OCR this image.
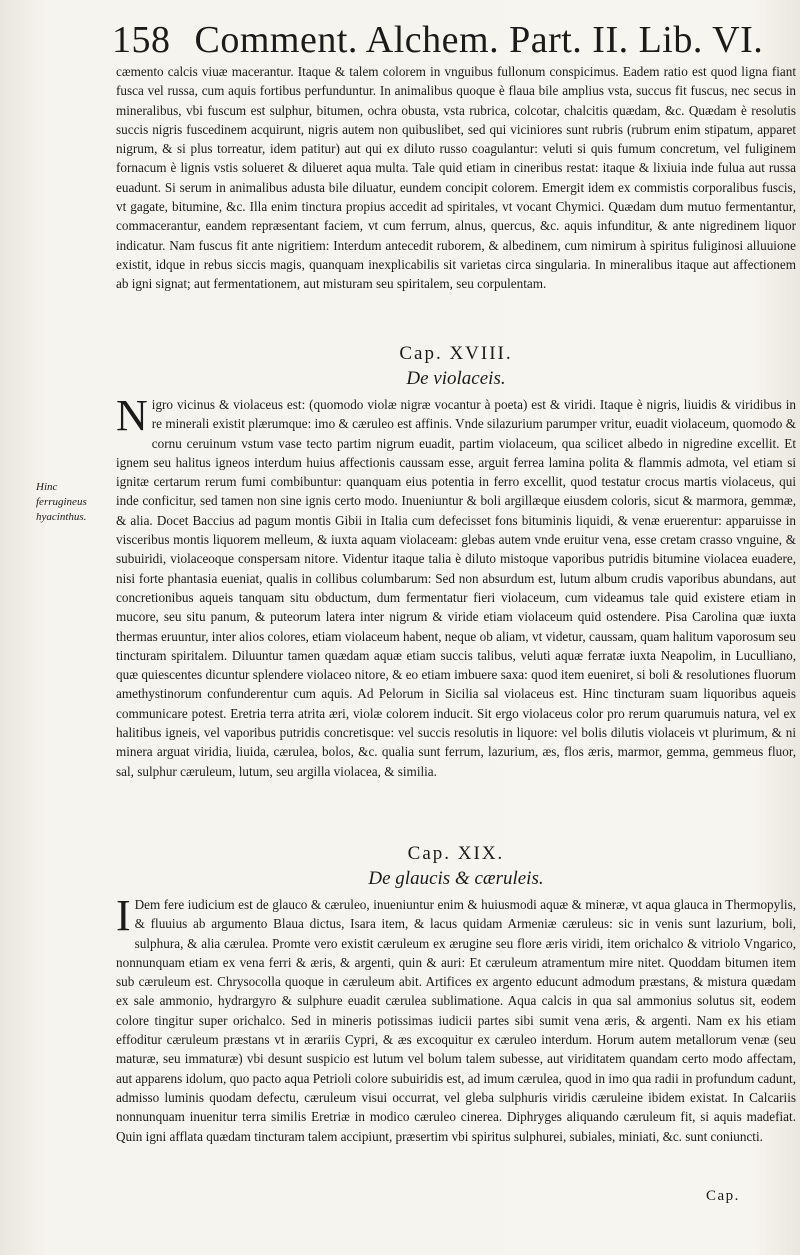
158 Comment. Alchem. Part. II. Lib. VI.

cæmento calcis viuæ macerantur. Itaque & talem colorem in vnguibus fullonum conspicimus. Eadem ratio est quod ligna fiant fusca vel russa, cum aquis fortibus perfunduntur. In animalibus quoque è flaua bile amplius vsta, succus fit fuscus, nec secus in mineralibus, vbi fuscum est sulphur, bitumen, ochra obusta, vsta rubrica, colcotar, chalcitis quædam, &c. Quædam è resolutis succis nigris fuscedinem acquirunt, nigris autem non quibuslibet, sed qui viciniores sunt rubris (rubrum enim stipatum, apparet nigrum, & si plus torreatur, idem patitur) aut qui ex diluto russo coagulantur: veluti si quis fumum concretum, vel fuliginem fornacum è lignis vstis solueret & dilueret aqua multa. Tale quid etiam in cineribus restat: itaque & lixiuia inde fulua aut russa euadunt. Si serum in animalibus adusta bile diluatur, eundem concipit colorem. Emergit idem ex commistis corporalibus fuscis, vt gagate, bitumine, &c. Illa enim tinctura propius accedit ad spiritales, vt vocant Chymici. Quædam dum mutuo fermentantur, commacerantur, eandem repræsentant faciem, vt cum ferrum, alnus, quercus, &c. aquis infunditur, & ante nigredinem liquor indicatur. Nam fuscus fit ante nigritiem: Interdum antecedit ruborem, & albedinem, cum nimirum à spiritus fuliginosi alluuione existit, idque in rebus siccis magis, quanquam inexplicabilis sit varietas circa singularia. In mineralibus itaque aut affectionem ab igni signat; aut fermentationem, aut misturam seu spiritalem, seu corpulentam.

Cap. XVIII.
De violaceis.
N igro vicinus & violaceus est: (quomodo violæ nigræ vocantur à poeta) est & viridi. Itaque è nigris, liuidis & viridibus in re minerali existit plærumque: imo & cæruleo est affinis. Vnde silazurium parumper vritur, euadit violaceum, quomodo & cornu ceruinum vstum vase tecto partim nigrum euadit, partim violaceum, qua scilicet albedo in nigredine excellit. Et ignem seu halitus igneos interdum huius affectionis caussam esse, arguit ferrea lamina polita & flammis admota, vel etiam si ignitæ certarum rerum fumi combibuntur: quanquam eius potentia in ferro excellit, quod testatur crocus martis violaceus, qui inde conficitur, sed tamen non sine ignis certo modo. Inueniuntur & boli argillæque eiusdem coloris, sicut & marmora, gemmæ, & alia. Docet Baccius ad pagum montis Gibii in Italia cum defecisset fons bituminis liquidi, & venæ eruerentur: apparuisse in visceribus montis liquorem melleum, & iuxta aquam violaceam: glebas autem vnde eruitur vena, esse cretam crasso vnguine, & subuiridi, violaceoque conspersam nitore. Videntur itaque talia è diluto mistoque vaporibus putridis bitumine violacea euadere, nisi forte phantasia eueniat, qualis in collibus columbarum: Sed non absurdum est, lutum album crudis vaporibus abundans, aut concretionibus aqueis tanquam situ obductum, dum fermentatur fieri violaceum, cum videamus tale quid existere etiam in mucore, seu situ panum, & puteorum latera inter nigrum & viride etiam violaceum quid ostendere. Pisa Carolina quæ iuxta thermas eruuntur, inter alios colores, etiam violaceum habent, neque ob aliam, vt videtur, caussam, quam halitum vaporosum seu tincturam spiritalem. Diluuntur tamen quædam aquæ etiam succis talibus, veluti aquæ ferratæ iuxta Neapolim, in Luculliano, quæ quiescentes dicuntur splendere violaceo nitore, & eo etiam imbuere saxa: quod item eueniret, si boli & resolutiones fluorum amethystinorum confunderentur cum aquis. Ad Pelorum in Sicilia sal violaceus est. Hinc tincturam suam liquoribus aqueis communicare potest. Eretria terra atrita æri, violæ colorem inducit. Sit ergo violaceus color pro rerum quarumuis natura, vel ex halitibus igneis, vel vaporibus putridis concretisque: vel succis resolutis in liquore: vel bolis dilutis violaceis vt plurimum, & ni minera arguat viridia, liuida, cærulea, bolos, &c. qualia sunt ferrum, lazurium, æs, flos æris, marmor, gemma, gemmeus fluor, sal, sulphur cæruleum, lutum, seu argilla violacea, & similia.

Hinc ferrugineus hyacinthus.
Cap. XIX.
De glaucis & cæruleis.
I Dem fere iudicium est de glauco & cæruleo, inueniuntur enim & huiusmodi aquæ & mineræ, vt aqua glauca in Thermopylis, & fluuius ab argumento Blaua dictus, Isara item, & lacus quidam Armeniæ cæruleus: sic in venis sunt lazurium, boli, sulphura, & alia cærulea. Promte vero existit cæruleum ex ærugine seu flore æris viridi, item orichalco & vitriolo Vngarico, nonnunquam etiam ex vena ferri & æris, & argenti, quin & auri: Et cæruleum atramentum mire nitet. Quoddam bitumen item sub cæruleum est. Chrysocolla quoque in cæruleum abit. Artifices ex argento educunt admodum præstans, & mistura quædam ex sale ammonio, hydrargyro & sulphure euadit cærulea sublimatione. Aqua calcis in qua sal ammonius solutus sit, eodem colore tingitur super orichalco. Sed in mineris potissimas iudicii partes sibi sumit vena æris, & argenti. Nam ex his etiam effoditur cæruleum præstans vt in ærariis Cypri, & æs excoquitur ex cæruleo interdum. Horum autem metallorum venæ (seu maturæ, seu immaturæ) vbi desunt suspicio est lutum vel bolum talem subesse, aut viriditatem quandam certo modo affectam, aut apparens idolum, quo pacto aqua Petrioli colore subuiridis est, ad imum cærulea, quod in imo qua radii in profundum cadunt, admisso luminis quodam defectu, cæruleum visui occurrat, vel gleba sulphuris viridis cæruleine ibidem existat. In Calcariis nonnunquam inuenitur terra similis Eretriæ in modico cæruleo cinerea. Diphryges aliquando cæruleum fit, si aquis madefiat. Quin igni afflata quædam tincturam talem accipiunt, præsertim vbi spiritus sulphurei, subiales, miniati, &c. sunt coniuncti.

Cap.
